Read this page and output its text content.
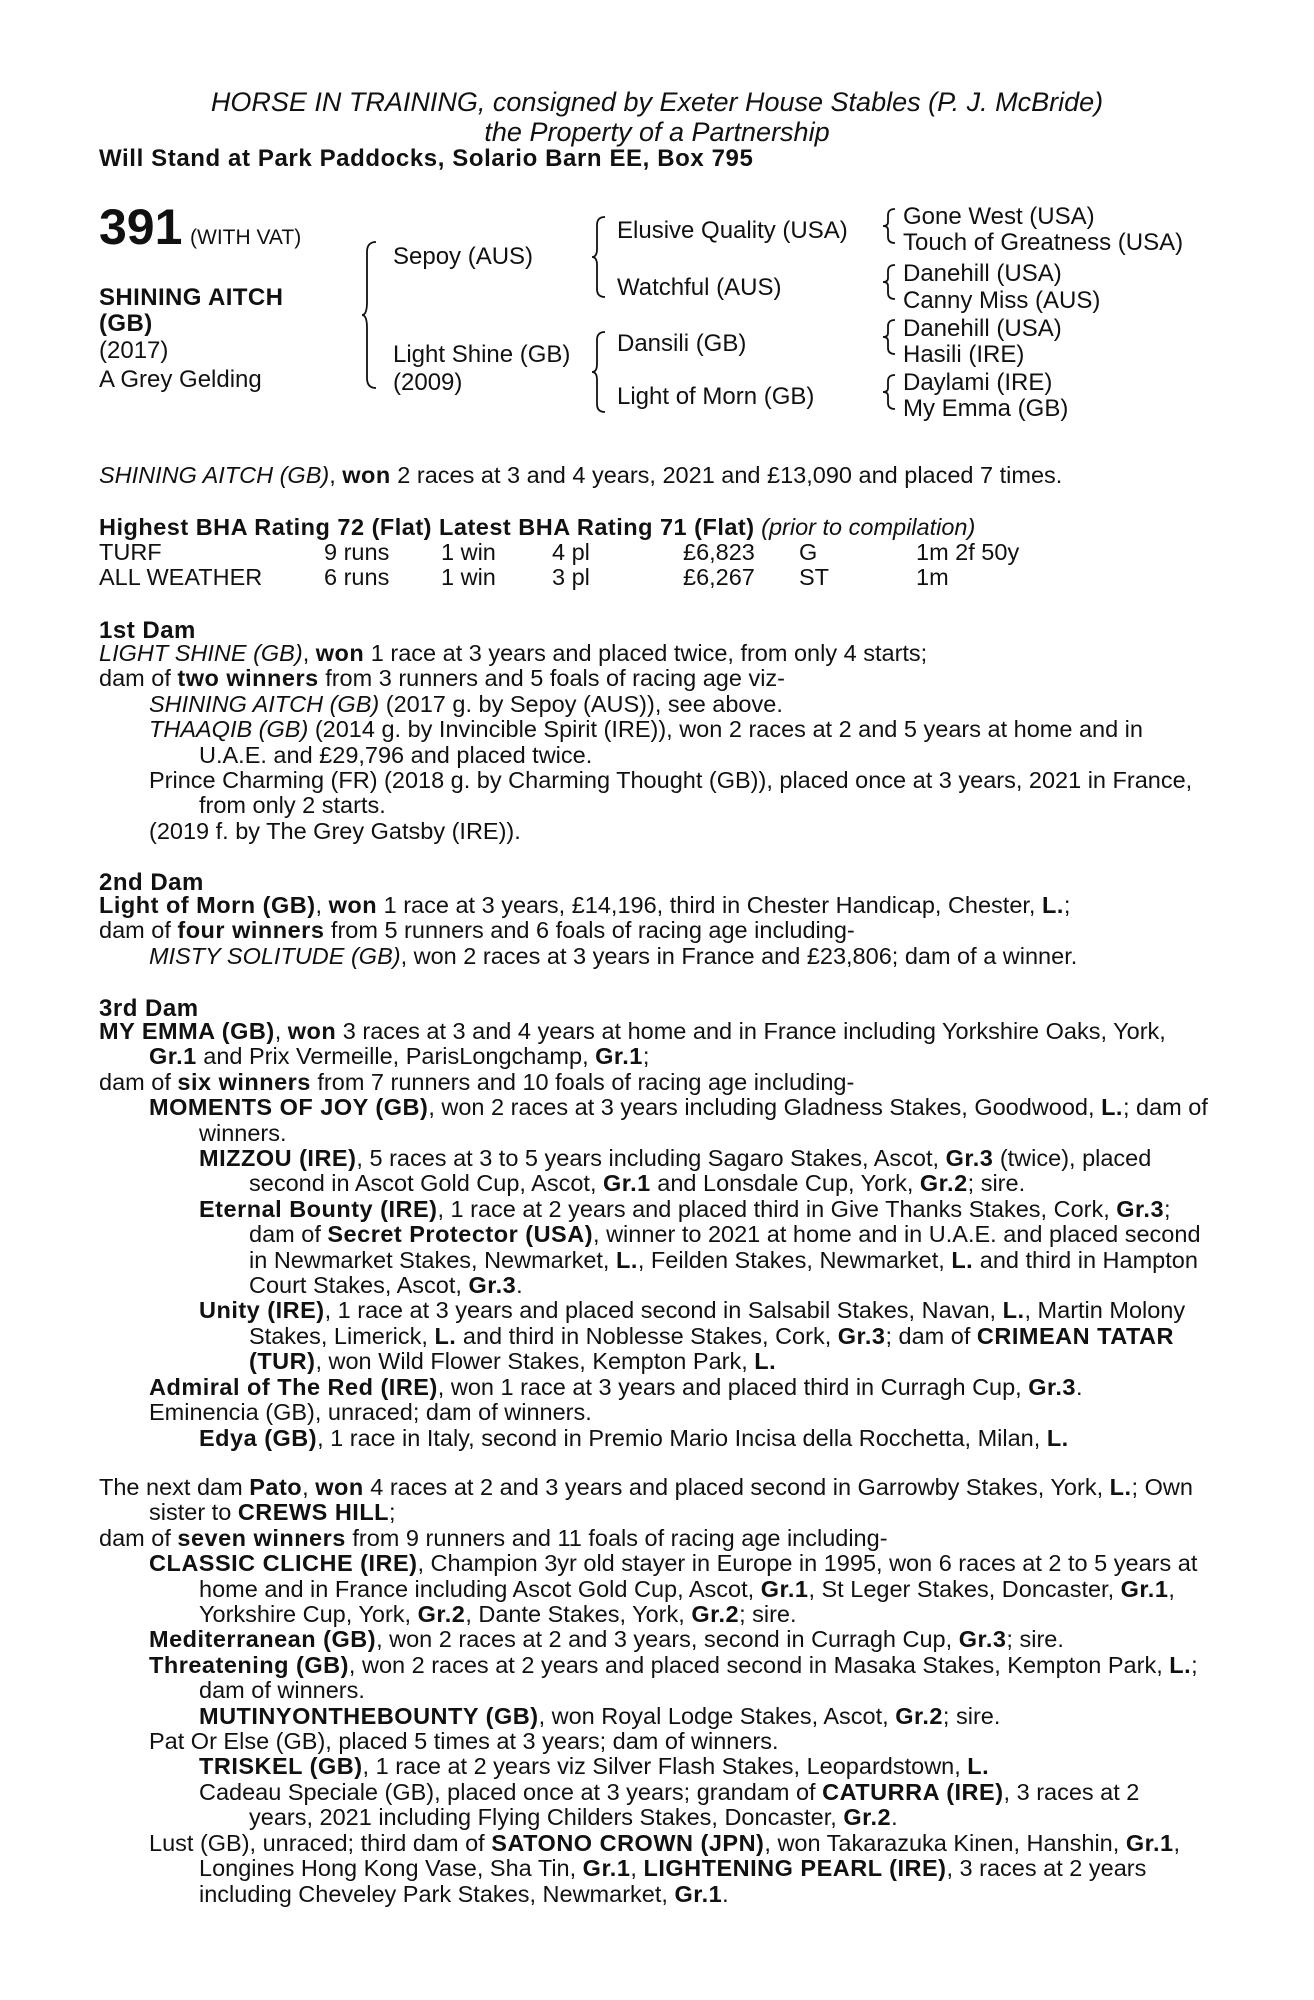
HORSE IN TRAINING, consigned by Exeter House Stables (P. J. McBride)
the Property of a Partnership
Will Stand at Park Paddocks, Solario Barn EE, Box 795
391 (WITH VAT)
SHINING AITCH
(GB)
(2017)
A Grey Gelding
Sepoy (AUS)
Light Shine (GB)
(2009)
Elusive Quality (USA)
Watchful (AUS)
Dansili (GB)
Light of Morn (GB)
Gone West (USA)
Touch of Greatness (USA)
Danehill (USA)
Canny Miss (AUS)
Danehill (USA)
Hasili (IRE)
Daylami (IRE)
My Emma (GB)
SHINING AITCH (GB), won 2 races at 3 and 4 years, 2021 and £13,090 and placed 7 times.
Highest BHA Rating 72 (Flat) Latest BHA Rating 71 (Flat) (prior to compilation)
TURF	9 runs 1 win 4 pl	£6,823 G	1m 2f 50y
ALL WEATHER	6 runs 1 win 3 pl	£6,267 ST	1m
1st Dam

LIGHT SHINE (GB), won 1 race at 3 years and placed twice, from only 4 starts;

dam of two winners from 3 runners and 5 foals of racing age viz-

SHINING AITCH (GB) (2017 g. by Sepoy (AUS)), see above.

THAAQIB (GB) (2014 g. by Invincible Spirit (IRE)), won 2 races at 2 and 5 years at home and in U.A.E. and £29,796 and placed twice.

Prince Charming (FR) (2018 g. by Charming Thought (GB)), placed once at 3 years, 2021 in France, from only 2 starts.

(2019 f. by The Grey Gatsby (IRE)).

2nd Dam

Light of Morn (GB), won 1 race at 3 years, £14,196, third in Chester Handicap, Chester, L.;

dam of four winners from 5 runners and 6 foals of racing age including-

MISTY SOLITUDE (GB), won 2 races at 3 years in France and £23,806; dam of a winner.

3rd Dam

MY EMMA (GB), won 3 races at 3 and 4 years at home and in France including Yorkshire Oaks, York, Gr.1 and Prix Vermeille, ParisLongchamp, Gr.1;

dam of six winners from 7 runners and 10 foals of racing age including-

MOMENTS OF JOY (GB), won 2 races at 3 years including Gladness Stakes, Goodwood, L.; dam of winners.

MIZZOU (IRE), 5 races at 3 to 5 years including Sagaro Stakes, Ascot, Gr.3 (twice), placed second in Ascot Gold Cup, Ascot, Gr.1 and Lonsdale Cup, York, Gr.2; sire.

Eternal Bounty (IRE), 1 race at 2 years and placed third in Give Thanks Stakes, Cork, Gr.3; dam of Secret Protector (USA), winner to 2021 at home and in U.A.E. and placed second in Newmarket Stakes, Newmarket, L., Feilden Stakes, Newmarket, L. and third in Hampton Court Stakes, Ascot, Gr.3.

Unity (IRE), 1 race at 3 years and placed second in Salsabil Stakes, Navan, L., Martin Molony Stakes, Limerick, L. and third in Noblesse Stakes, Cork, Gr.3; dam of CRIMEAN TATAR (TUR), won Wild Flower Stakes, Kempton Park, L.

Admiral of The Red (IRE), won 1 race at 3 years and placed third in Curragh Cup, Gr.3.

Eminencia (GB), unraced; dam of winners.

Edya (GB), 1 race in Italy, second in Premio Mario Incisa della Rocchetta, Milan, L.

The next dam Pato, won 4 races at 2 and 3 years and placed second in Garrowby Stakes, York, L.; Own sister to CREWS HILL;

dam of seven winners from 9 runners and 11 foals of racing age including-

CLASSIC CLICHE (IRE), Champion 3yr old stayer in Europe in 1995, won 6 races at 2 to 5 years at home and in France including Ascot Gold Cup, Ascot, Gr.1, St Leger Stakes, Doncaster, Gr.1, Yorkshire Cup, York, Gr.2, Dante Stakes, York, Gr.2; sire.

Mediterranean (GB), won 2 races at 2 and 3 years, second in Curragh Cup, Gr.3; sire.

Threatening (GB), won 2 races at 2 years and placed second in Masaka Stakes, Kempton Park, L.; dam of winners.

MUTINYONTHEBOUNTY (GB), won Royal Lodge Stakes, Ascot, Gr.2; sire.

Pat Or Else (GB), placed 5 times at 3 years; dam of winners.

TRISKEL (GB), 1 race at 2 years viz Silver Flash Stakes, Leopardstown, L.

Cadeau Speciale (GB), placed once at 3 years; grandam of CATURRA (IRE), 3 races at 2 years, 2021 including Flying Childers Stakes, Doncaster, Gr.2.

Lust (GB), unraced; third dam of SATONO CROWN (JPN), won Takarazuka Kinen, Hanshin, Gr.1, Longines Hong Kong Vase, Sha Tin, Gr.1, LIGHTENING PEARL (IRE), 3 races at 2 years including Cheveley Park Stakes, Newmarket, Gr.1.
